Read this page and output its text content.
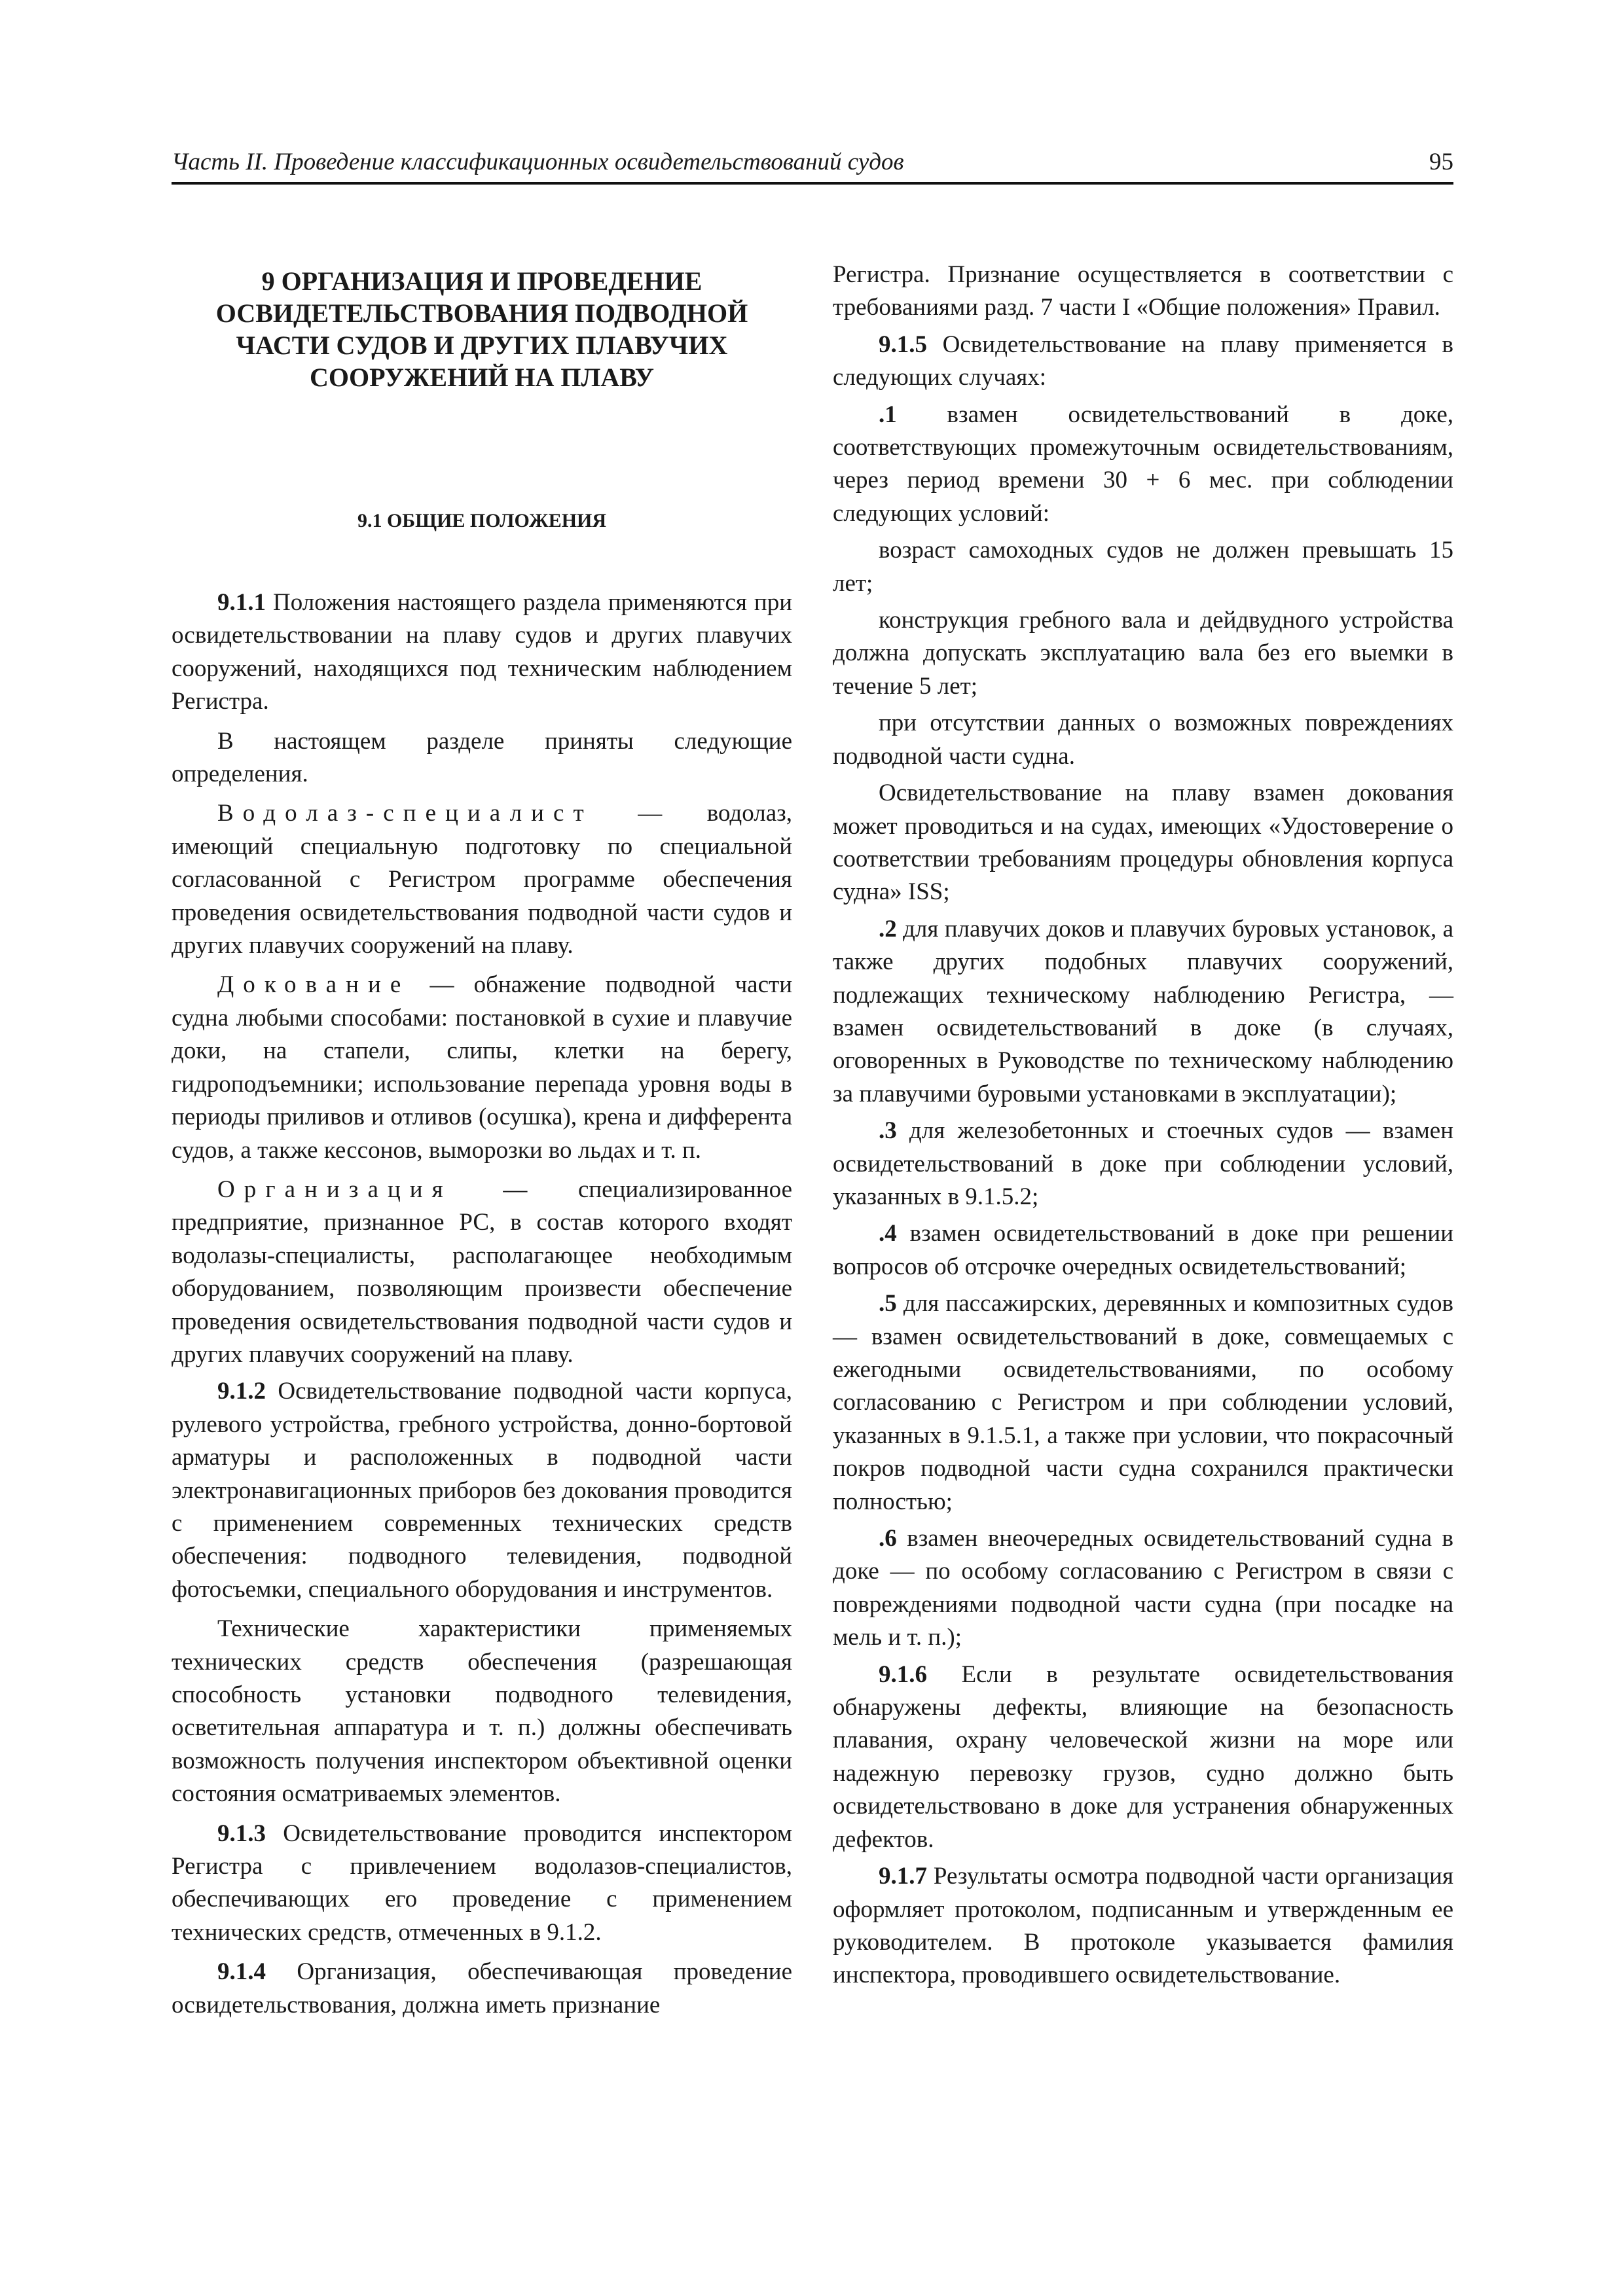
Часть II. Проведение классификационных освидетельствований судов	95
9 ОРГАНИЗАЦИЯ И ПРОВЕДЕНИЕ ОСВИДЕТЕЛЬСТВОВАНИЯ ПОДВОДНОЙ ЧАСТИ СУДОВ И ДРУГИХ ПЛАВУЧИХ СООРУЖЕНИЙ НА ПЛАВУ
9.1 ОБЩИЕ ПОЛОЖЕНИЯ

9.1.1 Положения настоящего раздела применяются при освидетельствовании на плаву судов и других плавучих сооружений, находящихся под техническим наблюдением Регистра.

В настоящем разделе приняты следующие определения.

Водолаз-специалист — водолаз, имеющий специальную подготовку по специальной согласованной с Регистром программе обеспечения проведения освидетельствования подводной части судов и других плавучих сооружений на плаву.

Докование — обнажение подводной части судна любыми способами: постановкой в сухие и плавучие доки, на стапели, слипы, клетки на берегу, гидроподъемники; использование перепада уровня воды в периоды приливов и отливов (осушка), крена и дифферента судов, а также кессонов, выморозки во льдах и т. п.

Организация — специализированное предприятие, признанное РС, в состав которого входят водолазы-специалисты, располагающее необходимым оборудованием, позволяющим произвести обеспечение проведения освидетельствования подводной части судов и других плавучих сооружений на плаву.

9.1.2 Освидетельствование подводной части корпуса, рулевого устройства, гребного устройства, донно-бортовой арматуры и расположенных в подводной части электронавигационных приборов без докования проводится с применением современных технических средств обеспечения: подводного телевидения, подводной фотосъемки, специального оборудования и инструментов.

Технические характеристики применяемых технических средств обеспечения (разрешающая способность установки подводного телевидения, осветительная аппаратура и т. п.) должны обеспечивать возможность получения инспектором объективной оценки состояния осматриваемых элементов.

9.1.3 Освидетельствование проводится инспектором Регистра с привлечением водолазов-специалистов, обеспечивающих его проведение с применением технических средств, отмеченных в 9.1.2.

9.1.4 Организация, обеспечивающая проведение освидетельствования, должна иметь признание

Регистра. Признание осуществляется в соответствии с требованиями разд. 7 части I «Общие положения» Правил.

9.1.5 Освидетельствование на плаву применяется в следующих случаях:

.1 взамен освидетельствований в доке, соответствующих промежуточным освидетельствованиям, через период времени 30 + 6 мес. при соблюдении следующих условий:

возраст самоходных судов не должен превышать 15 лет;

конструкция гребного вала и дейдвудного устройства должна допускать эксплуатацию вала без его выемки в течение 5 лет;

при отсутствии данных о возможных повреждениях подводной части судна.

Освидетельствование на плаву взамен докования может проводиться и на судах, имеющих «Удостоверение о соответствии требованиям процедуры обновления корпуса судна» ISS;

.2 для плавучих доков и плавучих буровых установок, а также других подобных плавучих сооружений, подлежащих техническому наблюдению Регистра, — взамен освидетельствований в доке (в случаях, оговоренных в Руководстве по техническому наблюдению за плавучими буровыми установками в эксплуатации);

.3 для железобетонных и стоечных судов — взамен освидетельствований в доке при соблюдении условий, указанных в 9.1.5.2;

.4 взамен освидетельствований в доке при решении вопросов об отсрочке очередных освидетельствований;

.5 для пассажирских, деревянных и композитных судов — взамен освидетельствований в доке, совмещаемых с ежегодными освидетельствованиями, по особому согласованию с Регистром и при соблюдении условий, указанных в 9.1.5.1, а также при условии, что покрасочный покров подводной части судна сохранился практически полностью;

.6 взамен внеочередных освидетельствований судна в доке — по особому согласованию с Регистром в связи с повреждениями подводной части судна (при посадке на мель и т. п.);

9.1.6 Если в результате освидетельствования обнаружены дефекты, влияющие на безопасность плавания, охрану человеческой жизни на море или надежную перевозку грузов, судно должно быть освидетельствовано в доке для устранения обнаруженных дефектов.

9.1.7 Результаты осмотра подводной части организация оформляет протоколом, подписанным и утвержденным ее руководителем. В протоколе указывается фамилия инспектора, проводившего освидетельствование.
